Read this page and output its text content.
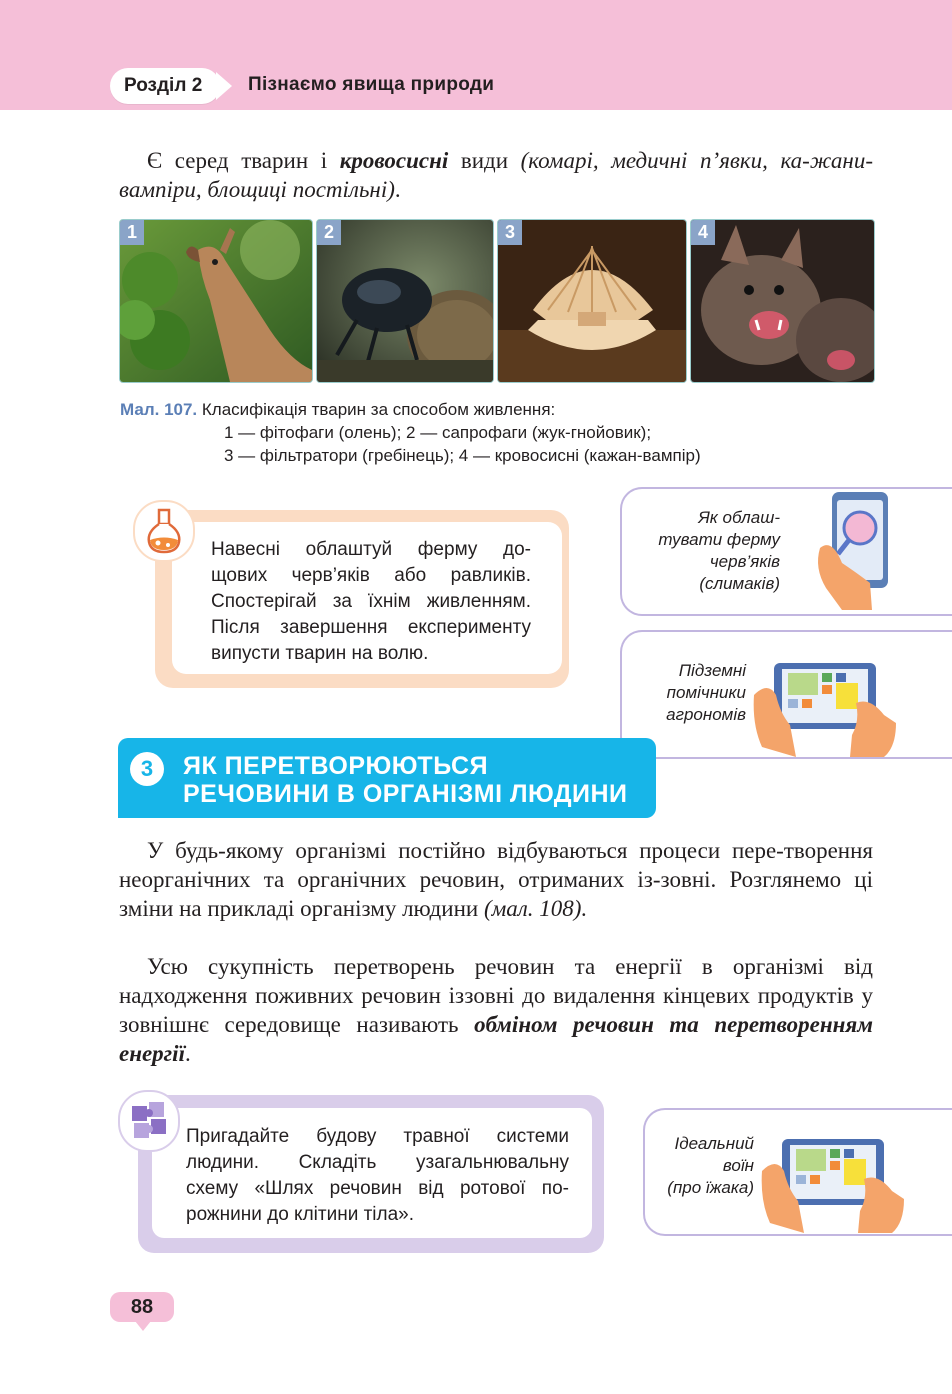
Розділ 2 Пізнаємо явища природи
Є серед тварин і кровосисні види (комарі, медичні п’явки, ка-жани-вампіри, блощиці постільні).
1	2	3	4
Мал. 107. Класифікація тварин за способом живлення:
1 — фітофаги (олень); 2 — сапрофаги (жук-гнойовик);
3 — фільтратори (гребінець); 4 — кровосисні (кажан-вампір)
Навесні облаштуй ферму до-
щових черв’яків або равликів.
Спостерігай за їхнім живленням.
Після завершення експерименту
випусти тварин на волю.
Як облаш-
тувати ферму
черв’яків
(слимаків)
Підземні
помічники
агрономів
3	ЯК ПЕРЕТВОРЮЮТЬСЯ
РЕЧОВИНИ В ОРГАНІЗМІ ЛЮДИНИ
У будь-якому організмі постійно відбуваються процеси пере-творення неорганічних та органічних речовин, отриманих із-зовні. Розглянемо ці зміни на прикладі організму людини (мал. 108).
Усю сукупність перетворень речовин та енергії в організмі від надходження поживних речовин іззовні до видалення кінцевих продуктів у зовнішнє середовище називають обміном речовин та перетворенням енергії.
Пригадайте будову травної системи
людини. Складіть узагальнювальну
схему «Шлях речовин від ротової по-
рожнини до клітини тіла».
Ідеальний
воїн
(про їжака)
88
